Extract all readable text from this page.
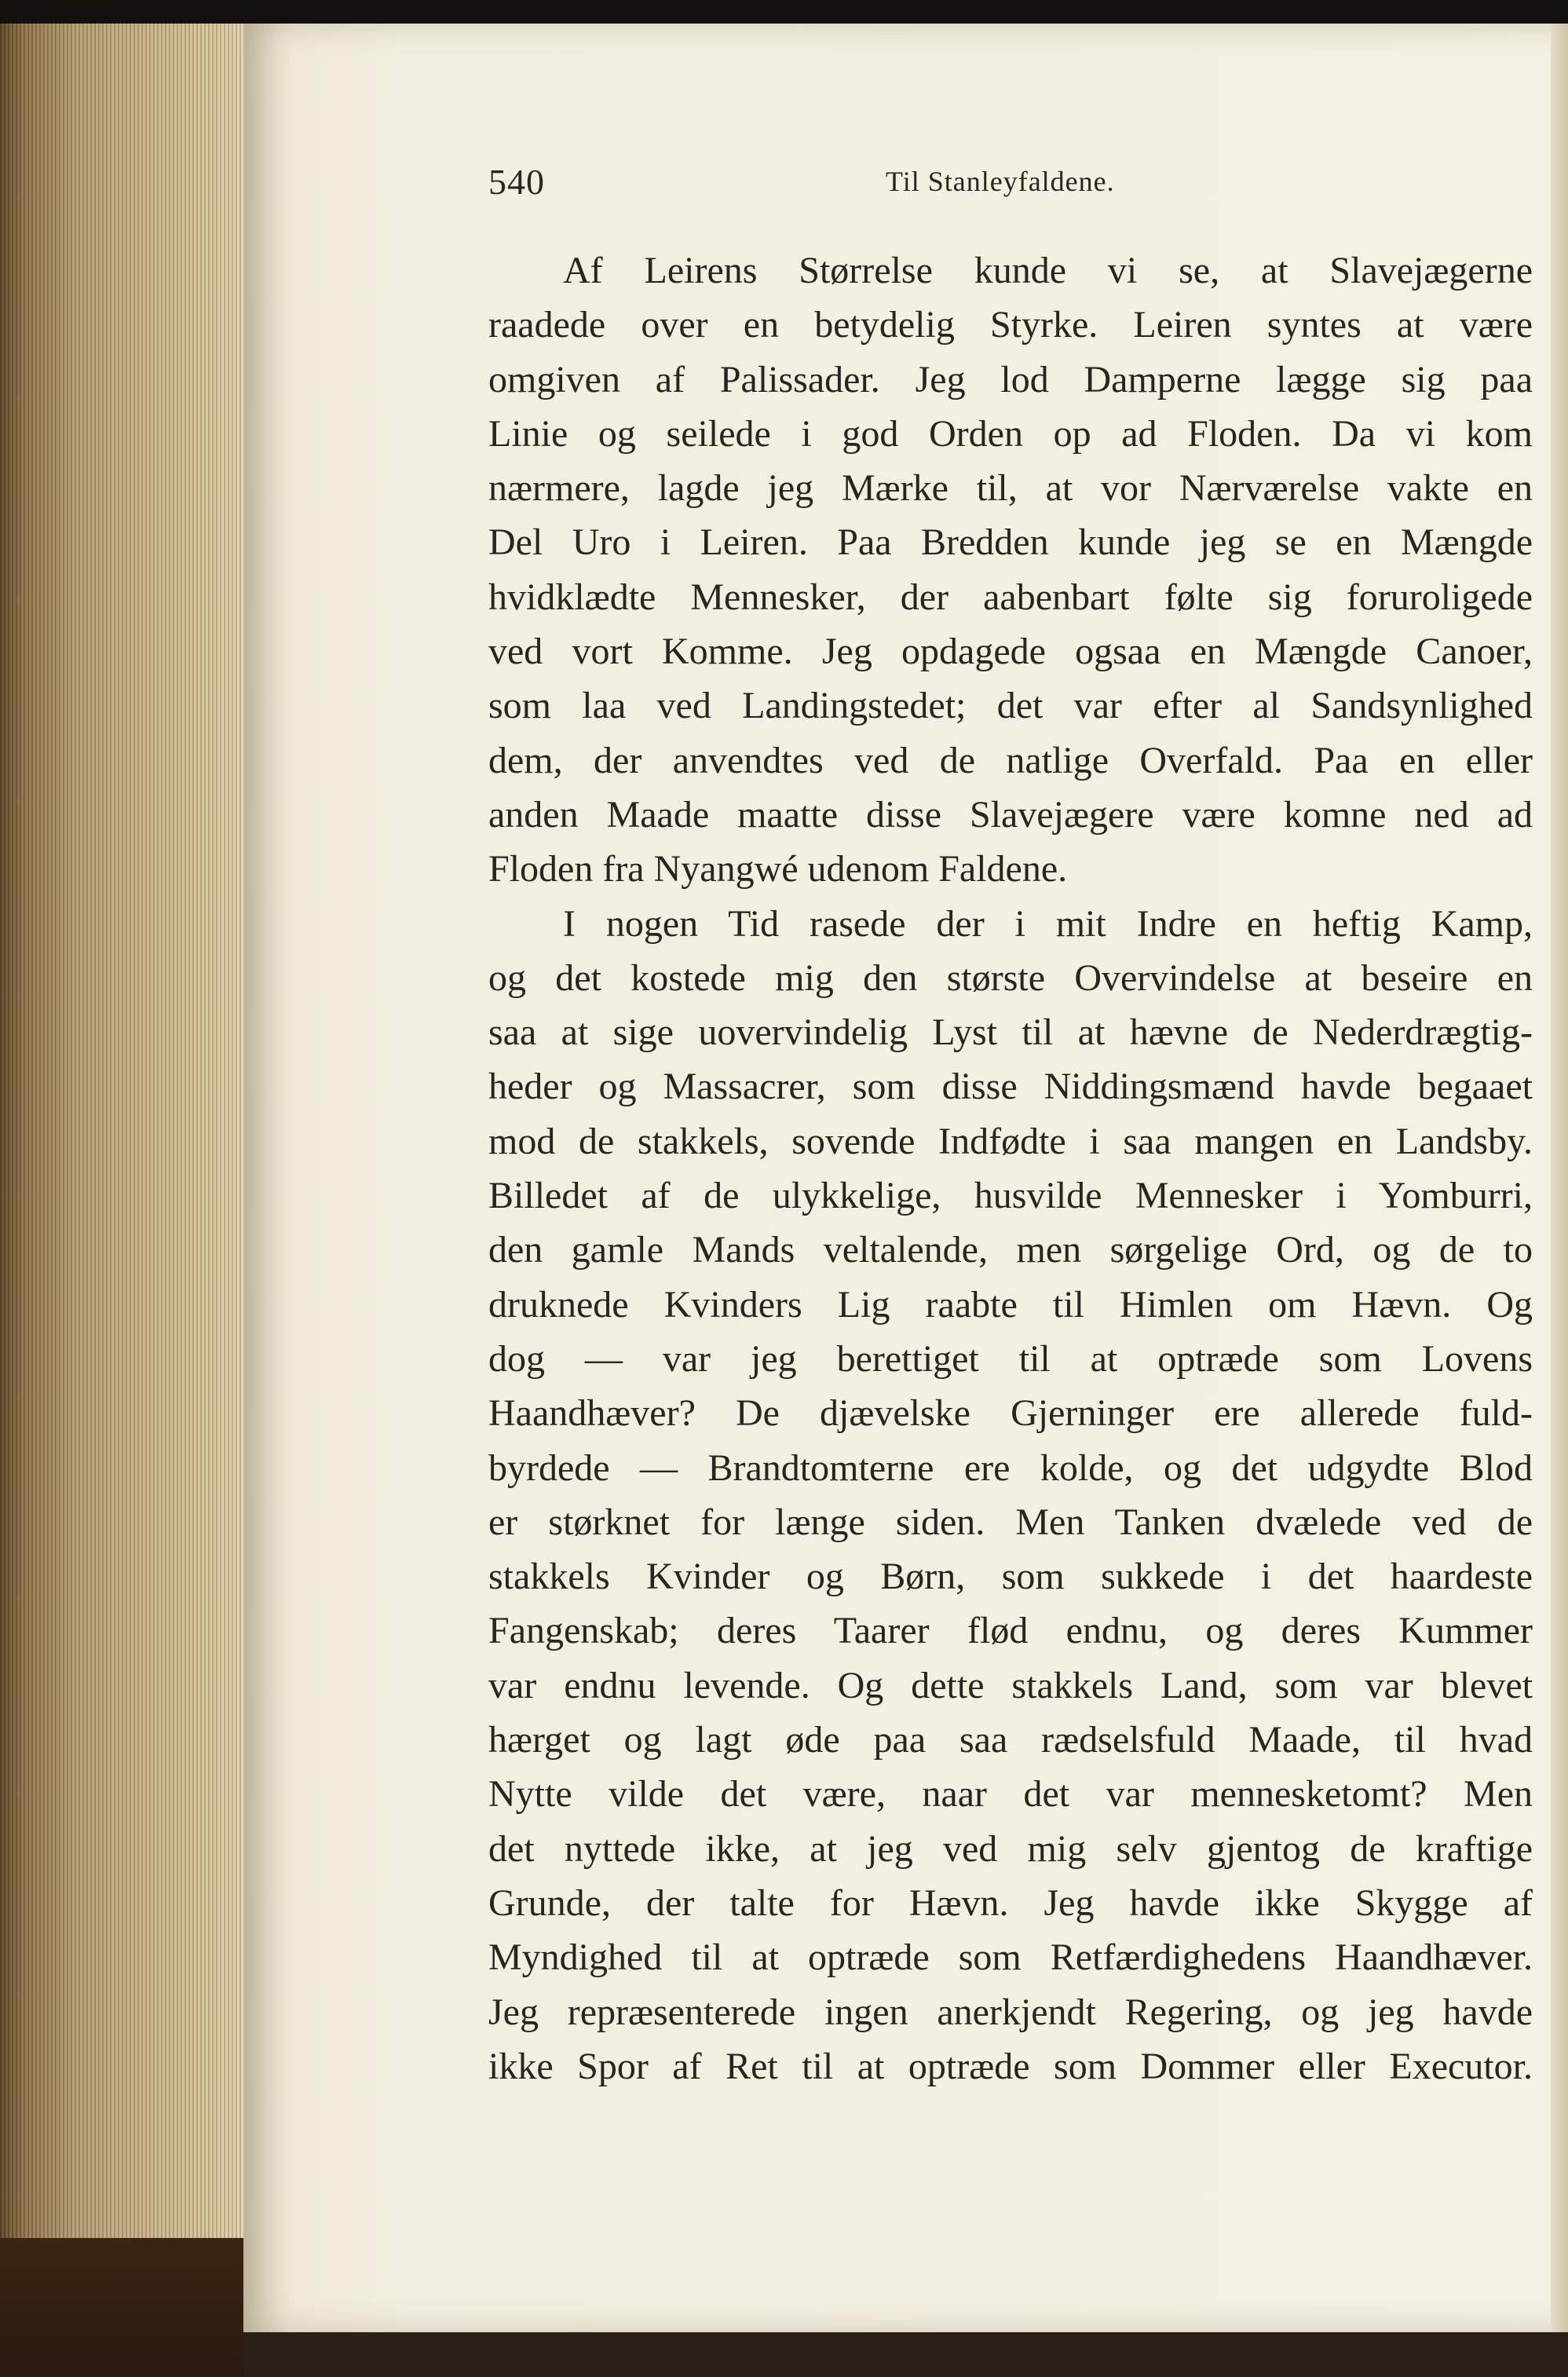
540	Til Stanleyfaldene.
Af Leirens Størrelse kunde vi se, at Slavejægerne
raadede over en betydelig Styrke. Leiren syntes at være
omgiven af Palissader. Jeg lod Damperne lægge sig paa
Linie og seilede i god Orden op ad Floden. Da vi kom
nærmere, lagde jeg Mærke til, at vor Nærværelse vakte en
Del Uro i Leiren. Paa Bredden kunde jeg se en Mængde
hvidklædte Mennesker, der aabenbart følte sig foruroligede
ved vort Komme. Jeg opdagede ogsaa en Mængde Canoer,
som laa ved Landingstedet; det var efter al Sandsynlighed
dem, der anvendtes ved de natlige Overfald. Paa en eller
anden Maade maatte disse Slavejægere være komne ned ad
Floden fra Nyangwé udenom Faldene.
I nogen Tid rasede der i mit Indre en heftig Kamp,
og det kostede mig den største Overvindelse at beseire en
saa at sige uovervindelig Lyst til at hævne de Nederdrægtig-
heder og Massacrer, som disse Niddingsmænd havde begaaet
mod de stakkels, sovende Indfødte i saa mangen en Landsby.
Billedet af de ulykkelige, husvilde Mennesker i Yomburri,
den gamle Mands veltalende, men sørgelige Ord, og de to
druknede Kvinders Lig raabte til Himlen om Hævn. Og
dog — var jeg berettiget til at optræde som Lovens
Haandhæver? De djævelske Gjerninger ere allerede fuld-
byrdede — Brandtomterne ere kolde, og det udgydte Blod
er størknet for længe siden. Men Tanken dvælede ved de
stakkels Kvinder og Børn, som sukkede i det haardeste
Fangenskab; deres Taarer flød endnu, og deres Kummer
var endnu levende. Og dette stakkels Land, som var blevet
hærget og lagt øde paa saa rædselsfuld Maade, til hvad
Nytte vilde det være, naar det var mennesketomt? Men
det nyttede ikke, at jeg ved mig selv gjentog de kraftige
Grunde, der talte for Hævn. Jeg havde ikke Skygge af
Myndighed til at optræde som Retfærdighedens Haandhæver.
Jeg repræsenterede ingen anerkjendt Regering, og jeg havde
ikke Spor af Ret til at optræde som Dommer eller Executor.
